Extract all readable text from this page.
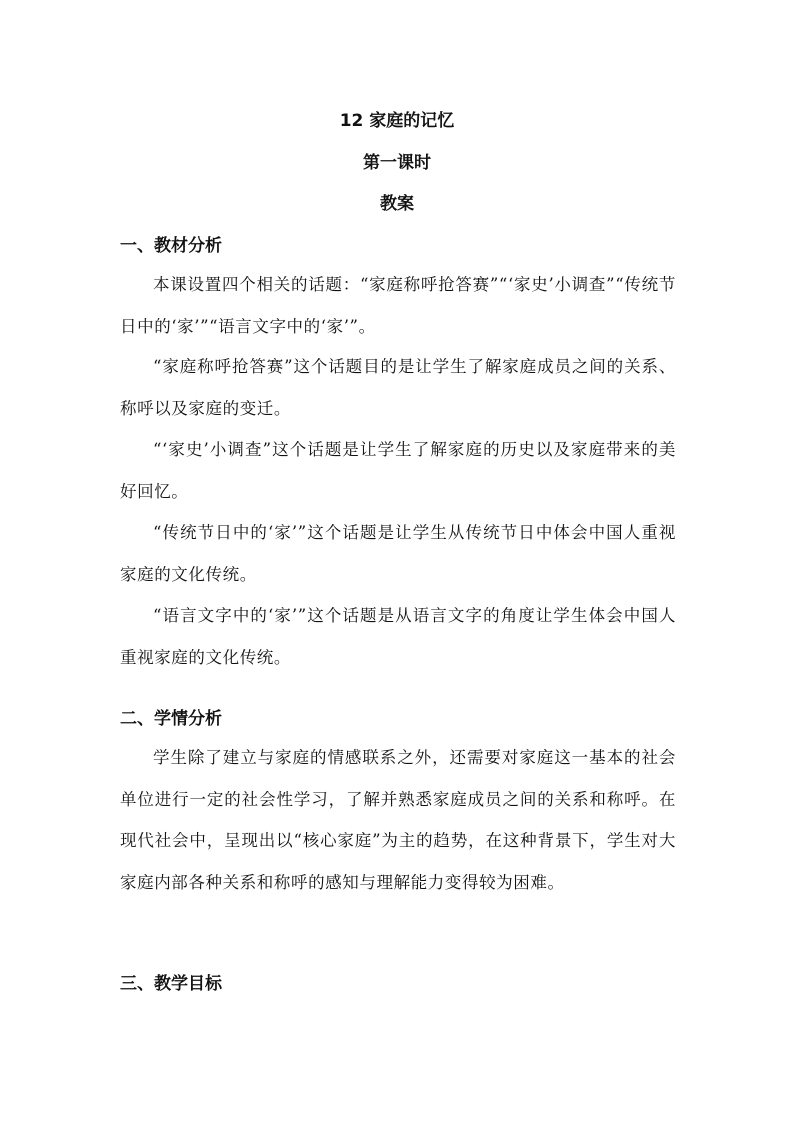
12 家庭的记忆
第一课时
教案
一、教材分析
本课设置四个相关的话题：“家庭称呼抢答赛”“‘家史’小调查”“传统节日中的‘家’”“语言文字中的‘家’”。
“家庭称呼抢答赛”这个话题目的是让学生了解家庭成员之间的关系、称呼以及家庭的变迁。
“‘家史’小调查”这个话题是让学生了解家庭的历史以及家庭带来的美好回忆。
“传统节日中的‘家’”这个话题是让学生从传统节日中体会中国人重视家庭的文化传统。
“语言文字中的‘家’”这个话题是从语言文字的角度让学生体会中国人重视家庭的文化传统。
二、学情分析
学生除了建立与家庭的情感联系之外，还需要对家庭这一基本的社会单位进行一定的社会性学习，了解并熟悉家庭成员之间的关系和称呼。在现代社会中，呈现出以“核心家庭”为主的趋势，在这种背景下，学生对大家庭内部各种关系和称呼的感知与理解能力变得较为困难。
三、教学目标
